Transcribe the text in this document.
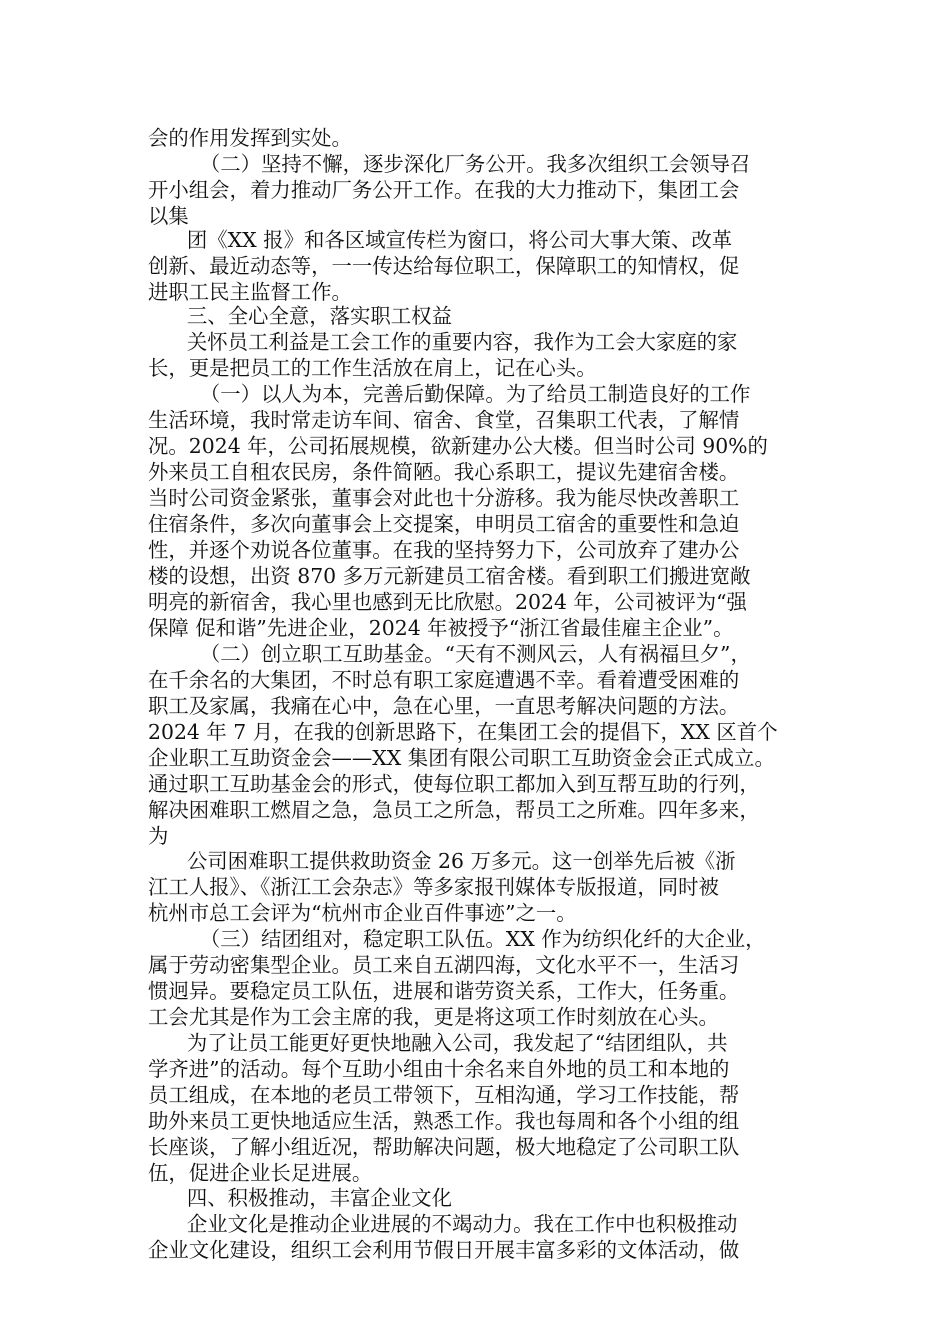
会的作用发挥到实处。
（二）坚持不懈，逐步深化厂务公开。我多次组织工会领导召
开小组会，着力推动厂务公开工作。在我的大力推动下，集团工会
以集
团《XX 报》和各区域宣传栏为窗口，将公司大事大策、改革
创新、最近动态等，一一传达给每位职工，保障职工的知情权，促
进职工民主监督工作。
三、全心全意，落实职工权益
关怀员工利益是工会工作的重要内容，我作为工会大家庭的家
长，更是把员工的工作生活放在肩上，记在心头。
（一）以人为本，完善后勤保障。为了给员工制造良好的工作
生活环境，我时常走访车间、宿舍、食堂，召集职工代表，了解情
况。2024 年，公司拓展规模，欲新建办公大楼。但当时公司 90%的
外来员工自租农民房，条件简陋。我心系职工，提议先建宿舍楼。
当时公司资金紧张，董事会对此也十分游移。我为能尽快改善职工
住宿条件，多次向董事会上交提案，申明员工宿舍的重要性和急迫
性，并逐个劝说各位董事。在我的坚持努力下，公司放弃了建办公
楼的设想，出资 870 多万元新建员工宿舍楼。看到职工们搬进宽敞
明亮的新宿舍，我心里也感到无比欣慰。2024 年，公司被评为“强
保障 促和谐”先进企业，2024 年被授予“浙江省最佳雇主企业”。
（二）创立职工互助基金。“天有不测风云，人有祸福旦夕”，
在千余名的大集团，不时总有职工家庭遭遇不幸。看着遭受困难的
职工及家属，我痛在心中，急在心里，一直思考解决问题的方法。
2024 年 7 月，在我的创新思路下，在集团工会的提倡下，XX 区首个
企业职工互助资金会——XX 集团有限公司职工互助资金会正式成立。
通过职工互助基金会的形式，使每位职工都加入到互帮互助的行列，
解决困难职工燃眉之急，急员工之所急，帮员工之所难。四年多来，
为
公司困难职工提供救助资金 26 万多元。这一创举先后被《浙
江工人报》、《浙江工会杂志》等多家报刊媒体专版报道，同时被
杭州市总工会评为“杭州市企业百件事迹”之一。
（三）结团组对，稳定职工队伍。XX 作为纺织化纤的大企业，
属于劳动密集型企业。员工来自五湖四海，文化水平不一，生活习
惯迥异。要稳定员工队伍，进展和谐劳资关系，工作大，任务重。
工会尤其是作为工会主席的我，更是将这项工作时刻放在心头。
为了让员工能更好更快地融入公司，我发起了“结团组队，共
学齐进”的活动。每个互助小组由十余名来自外地的员工和本地的
员工组成，在本地的老员工带领下，互相沟通，学习工作技能，帮
助外来员工更快地适应生活，熟悉工作。我也每周和各个小组的组
长座谈，了解小组近况，帮助解决问题，极大地稳定了公司职工队
伍，促进企业长足进展。
四、积极推动，丰富企业文化
企业文化是推动企业进展的不竭动力。我在工作中也积极推动
企业文化建设，组织工会利用节假日开展丰富多彩的文体活动，做
